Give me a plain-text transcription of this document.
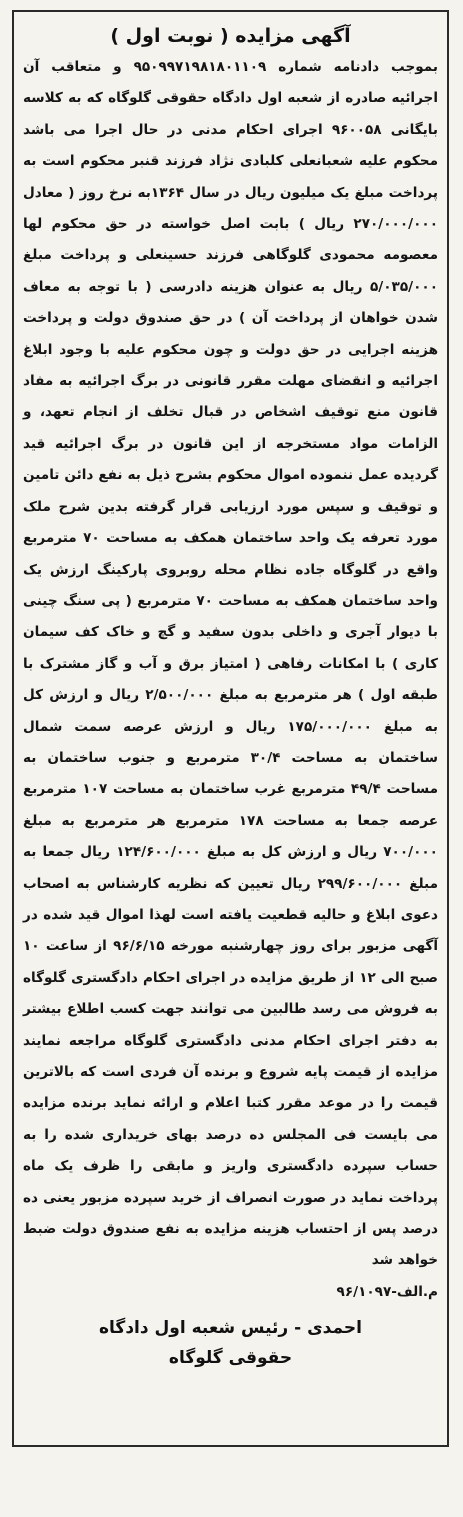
آگهی مزایده ( نوبت اول )

بموجب دادنامه شماره ۹۵۰۹۹۷۱۹۸۱۸۰۱۱۰۹ و متعاقب آن اجرائیه صادره از شعبه اول دادگاه حقوقی گلوگاه که به کلاسه بایگانی ۹۶۰۰۵۸ اجرای احکام مدنی در حال اجرا می باشد محکوم علیه شعبانعلی کلبادی نژاد فرزند قنبر محکوم است به پرداخت مبلغ یک میلیون ریال در سال ۱۳۶۴به نرخ روز ( معادل ۲۷۰/۰۰۰/۰۰۰ ریال ) بابت اصل خواسته در حق محکوم لها معصومه محمودی گلوگاهی فرزند حسینعلی و پرداخت مبلغ ۵/۰۳۵/۰۰۰ ریال به عنوان هزینه دادرسی ( با توجه به معاف شدن خواهان از پرداخت آن ) در حق صندوق دولت و پرداخت هزینه اجرایی در حق دولت و چون محکوم علیه با وجود ابلاغ اجرائیه و انقضای مهلت مقرر قانونی در برگ اجرائیه به مفاد قانون منع توقیف اشخاص در قبال تخلف از انجام تعهد، و الزامات مواد مستخرجه از این قانون در برگ اجرائیه قید گردیده عمل ننموده اموال محکوم بشرح ذیل به نفع دائن تامین و توقیف و سپس مورد ارزیابی قرار گرفته بدین شرح ملک مورد تعرفه یک واحد ساختمان همکف به مساحت ۷۰ مترمربع واقع در گلوگاه جاده نظام محله روبروی پارکینگ ارزش یک واحد ساختمان همکف به مساحت ۷۰ مترمربع ( پی سنگ چینی با دیوار آجری و داخلی بدون سفید و گچ و خاک کف سیمان کاری ) با امکانات رفاهی ( امتیاز برق و آب و گاز مشترک با طبقه اول ) هر مترمربع به مبلغ ۲/۵۰۰/۰۰۰ ریال و ارزش کل به مبلغ ۱۷۵/۰۰۰/۰۰۰ ریال و ارزش عرصه سمت شمال ساختمان به مساحت ۳۰/۴ مترمربع و جنوب ساختمان به مساحت ۴۹/۴ مترمربع غرب ساختمان به مساحت ۱۰۷ مترمربع عرصه جمعا به مساحت ۱۷۸ مترمربع هر مترمربع به مبلغ ۷۰۰/۰۰۰ ریال و ارزش کل به مبلغ ۱۲۴/۶۰۰/۰۰۰ ریال جمعا به مبلغ ۲۹۹/۶۰۰/۰۰۰ ریال تعیین که نظریه کارشناس به اصحاب دعوی ابلاغ و حالیه قطعیت یافته است لهذا اموال قید شده در آگهی مزبور برای روز چهارشنبه مورخه ۹۶/۶/۱۵ از ساعت ۱۰ صبح الی ۱۲ از طریق مزایده در اجرای احکام دادگستری گلوگاه به فروش می رسد طالبین می توانند جهت کسب اطلاع بیشتر به دفتر اجرای احکام مدنی دادگستری گلوگاه مراجعه نمایند مزایده از قیمت پایه شروع و برنده آن فردی است که بالاترین قیمت را در موعد مقرر کتبا اعلام و ارائه نماید برنده مزایده می بایست فی المجلس ده درصد بهای خریداری شده را به حساب سپرده دادگستری واریز و مابقی را ظرف یک ماه پرداخت نماید در صورت انصراف از خرید سپرده مزبور یعنی ده درصد پس از احتساب هزینه مزایده به نفع صندوق دولت ضبط خواهد شد

م.الف-۹۶/۱۰۹۷

احمدی - رئیس شعبه اول دادگاه
حقوقی گلوگاه
